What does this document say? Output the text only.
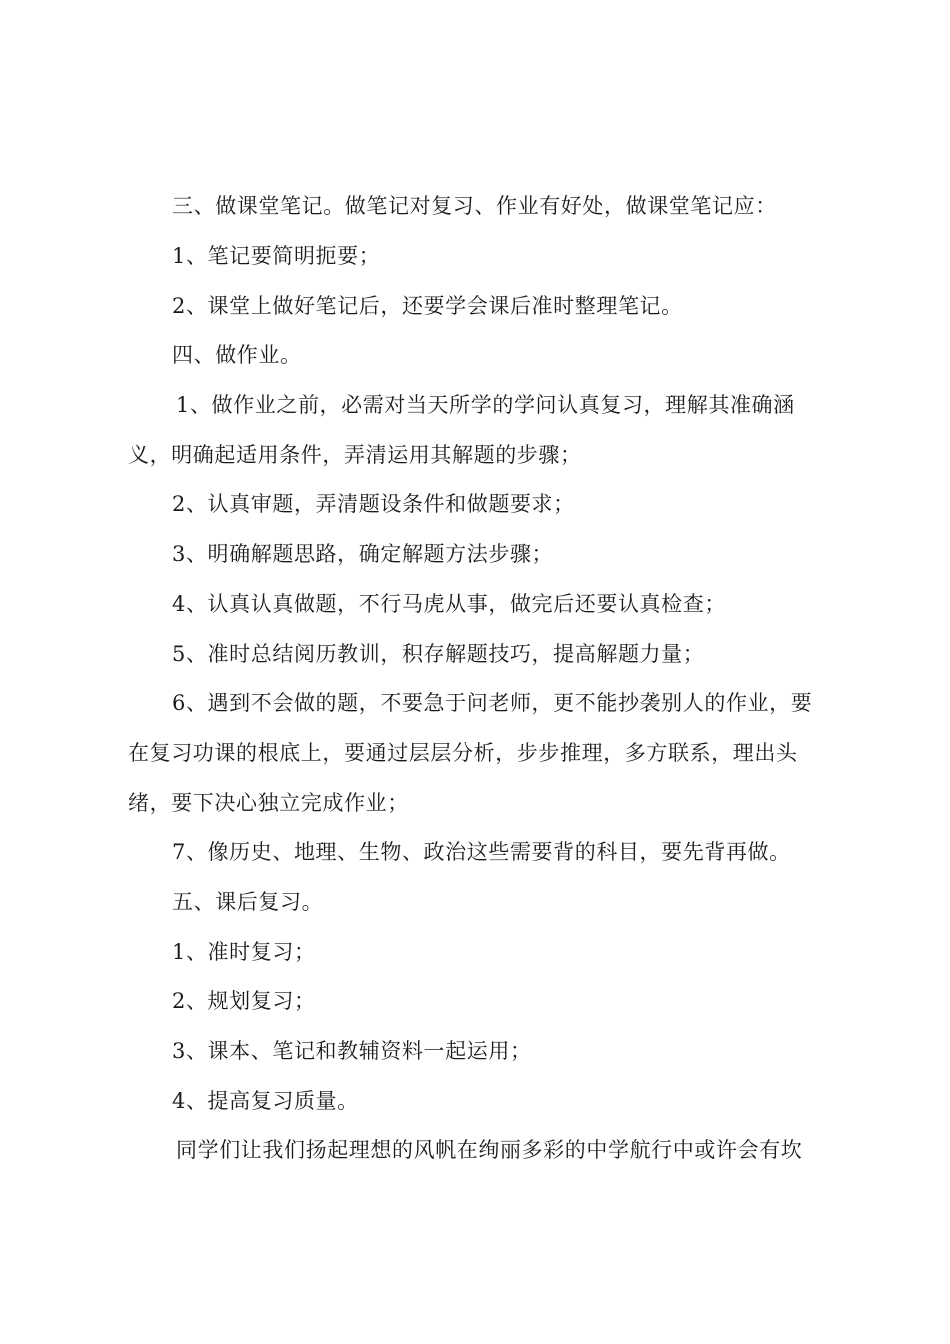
三、做课堂笔记。做笔记对复习、作业有好处，做课堂笔记应：
1、笔记要简明扼要；
2、课堂上做好笔记后，还要学会课后准时整理笔记。
四、做作业。
1、做作业之前，必需对当天所学的学问认真复习，理解其准确涵
义，明确起适用条件，弄清运用其解题的步骤；
2、认真审题，弄清题设条件和做题要求；
3、明确解题思路，确定解题方法步骤；
4、认真认真做题，不行马虎从事，做完后还要认真检查；
5、准时总结阅历教训，积存解题技巧，提高解题力量；
6、遇到不会做的题，不要急于问老师，更不能抄袭别人的作业，要
在复习功课的根底上，要通过层层分析，步步推理，多方联系，理出头
绪，要下决心独立完成作业；
7、像历史、地理、生物、政治这些需要背的科目，要先背再做。
五、课后复习。
1、准时复习；
2、规划复习；
3、课本、笔记和教辅资料一起运用；
4、提高复习质量。
同学们让我们扬起理想的风帆在绚丽多彩的中学航行中或许会有坎
